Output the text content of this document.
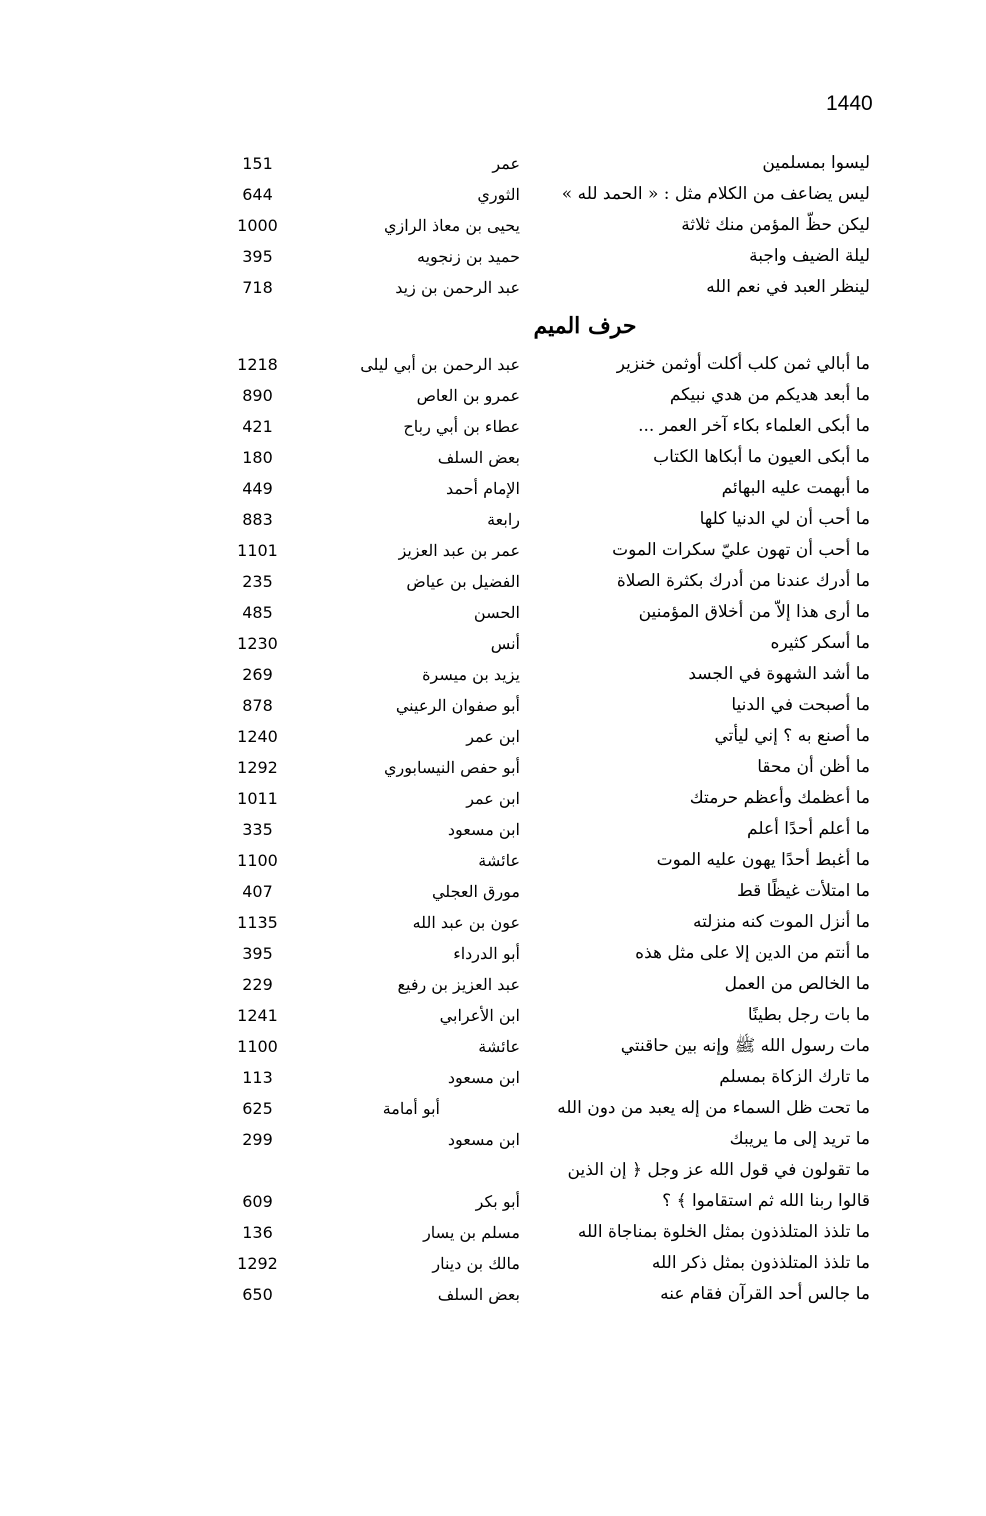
1440
ليسوا بمسلمين
عمر
151
ليس يضاعف من الكلام مثل : « الحمد لله »
الثوري
644
ليكن حظّ المؤمن منك ثلاثة
يحيى بن معاذ الرازي
1000
ليلة الضيف واجبة
حميد بن زنجويه
395
لينظر العبد في نعم الله
عبد الرحمن بن زيد
718
حرف الميم
ما أبالي ثمن كلب أكلت أوثمن خنزير
عبد الرحمن بن أبي ليلى
1218
ما أبعد هديكم من هدي نبيكم
عمرو بن العاص
890
ما أبكى العلماء بكاء آخر العمر ...
عطاء بن أبي رباح
421
ما أبكى العيون ما أبكاها الكتاب
بعض السلف
180
ما أبهمت عليه البهائم
الإمام أحمد
449
ما أحب أن لي الدنيا كلها
رابعة
883
ما أحب أن تهون عليّ سكرات الموت
عمر بن عبد العزيز
1101
ما أدرك عندنا من أدرك بكثرة الصلاة
الفضيل بن عياض
235
ما أرى هذا إلاّ من أخلاق المؤمنين
الحسن
485
ما أسكر كثيره
أنس
1230
ما أشد الشهوة في الجسد
يزيد بن ميسرة
269
ما أصبحت في الدنيا
أبو صفوان الرعيني
878
ما أصنع به ؟ إني ليأتي
ابن عمر
1240
ما أظن أن محقا
أبو حفص النيسابوري
1292
ما أعظمك وأعظم حرمتك
ابن عمر
1011
ما أعلم أحدًا أعلم
ابن مسعود
335
ما أغبط أحدًا يهون عليه الموت
عائشة
1100
ما امتلأت غيظًا قط
مورق العجلي
407
ما أنزل الموت كنه منزلته
عون بن عبد الله
1135
ما أنتم من الدين إلا على مثل هذه
أبو الدرداء
395
ما الخالص من العمل
عبد العزيز بن رفيع
229
ما بات رجل بطينًا
ابن الأعرابي
1241
مات رسول الله ﷺ وإنه بين حاقنتي
عائشة
1100
ما تارك الزكاة بمسلم
ابن مسعود
113
ما تحت ظل السماء من إله يعبد من دون الله
أبو أمامة
625
ما تريد إلى ما يريبك
ابن مسعود
299
ما تقولون في قول الله عز وجل ﴿ إن الذين قالوا ربنا الله ثم استقاموا ﴾ ؟
أبو بكر
609
ما تلذذ المتلذذون بمثل الخلوة بمناجاة الله
مسلم بن يسار
136
ما تلذذ المتلذذون بمثل ذكر الله
مالك بن دينار
1292
ما جالس أحد القرآن فقام عنه
بعض السلف
650
